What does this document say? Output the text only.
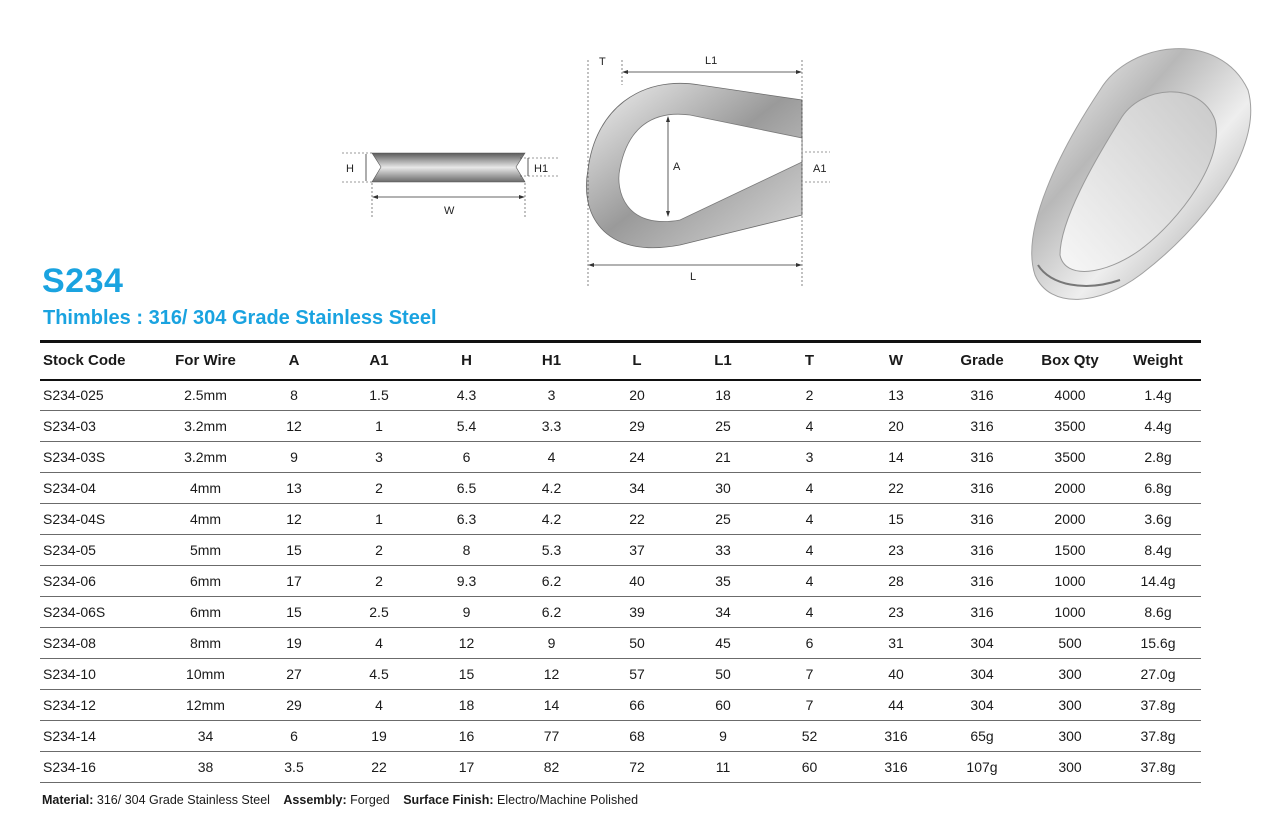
H	H1
W
T	L1
A	A1
L
S234
Thimbles : 316/ 304 Grade Stainless Steel
Stock Code	For Wire	A	A1	H	H1	L	L1	T	W	Grade	Box Qty	Weight
S234-025	2.5mm	8	1.5	4.3	3	20	18	2	13	316	4000	1.4g
S234-03	3.2mm	12	1	5.4	3.3	29	25	4	20	316	3500	4.4g
S234-03S	3.2mm	9	3	6	4	24	21	3	14	316	3500	2.8g
S234-04	4mm	13	2	6.5	4.2	34	30	4	22	316	2000	6.8g
S234-04S	4mm	12	1	6.3	4.2	22	25	4	15	316	2000	3.6g
S234-05	5mm	15	2	8	5.3	37	33	4	23	316	1500	8.4g
S234-06	6mm	17	2	9.3	6.2	40	35	4	28	316	1000	14.4g
S234-06S	6mm	15	2.5	9	6.2	39	34	4	23	316	1000	8.6g
S234-08	8mm	19	4	12	9	50	45	6	31	304	500	15.6g
S234-10	10mm	27	4.5	15	12	57	50	7	40	304	300	27.0g
S234-12	12mm	29	4	18	14	66	60	7	44	304	300	37.8g
S234-14	34	6	19	16	77	68	9	52	316	65g	300	37.8g
S234-16	38	3.5	22	17	82	72	11	60	316	107g	300	37.8g
Material: 316/ 304 Grade Stainless Steel Assembly: Forged Surface Finish: Electro/Machine Polished
